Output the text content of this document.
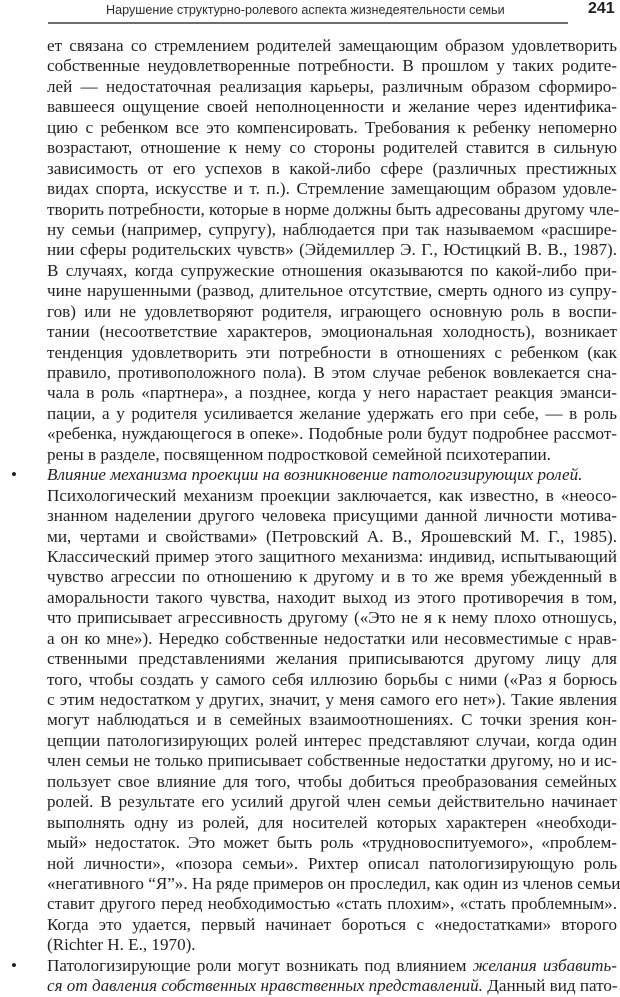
Нарушение структурно-ролевого аспекта жизнедеятельности семьи	241
ет связана со стремлением родителей замещающим образом удовлетворить
собственные неудовлетворенные потребности. В прошлом у таких родите-
лей — недостаточная реализация карьеры, различным образом сформиро-
вавшееся ощущение своей неполноценности и желание через идентифика-
цию с ребенком все это компенсировать. Требования к ребенку непомерно
возрастают, отношение к нему со стороны родителей ставится в сильную
зависимость от его успехов в какой-либо сфере (различных престижных
видах спорта, искусстве и т. п.). Стремление замещающим образом удовле-
творить потребности, которые в норме должны быть адресованы другому чле-
ну семьи (например, супругу), наблюдается при так называемом «расшире-
нии сферы родительских чувств» (Эйдемиллер Э. Г., Юстицкий В. В., 1987).
В случаях, когда супружеские отношения оказываются по какой-либо при-
чине нарушенными (развод, длительное отсутствие, смерть одного из супру-
гов) или не удовлетворяют родителя, играющего основную роль в воспи-
тании (несоответствие характеров, эмоциональная холодность), возникает
тенденция удовлетворить эти потребности в отношениях с ребенком (как
правило, противоположного пола). В этом случае ребенок вовлекается сна-
чала в роль «партнера», а позднее, когда у него нарастает реакция эманси-
пации, а у родителя усиливается желание удержать его при себе, — в роль
«ребенка, нуждающегося в опеке». Подобные роли будут подробнее рассмот-
рены в разделе, посвященном подростковой семейной психотерапии.
• Влияние механизма проекции на возникновение патологизирующих ролей.
Психологический механизм проекции заключается, как известно, в «неосо-
знанном наделении другого человека присущими данной личности мотива-
ми, чертами и свойствами» (Петровский А. В., Ярошевский М. Г., 1985).
Классический пример этого защитного механизма: индивид, испытывающий
чувство агрессии по отношению к другому и в то же время убежденный в
аморальности такого чувства, находит выход из этого противоречия в том,
что приписывает агрессивность другому («Это не я к нему плохо отношусь,
а он ко мне»). Нередко собственные недостатки или несовместимые с нрав-
ственными представлениями желания приписываются другому лицу для
того, чтобы создать у самого себя иллюзию борьбы с ними («Раз я борюсь
с этим недостатком у других, значит, у меня самого его нет»). Такие явления
могут наблюдаться и в семейных взаимоотношениях. С точки зрения кон-
цепции патологизирующих ролей интерес представляют случаи, когда один
член семьи не только приписывает собственные недостатки другому, но и ис-
пользует свое влияние для того, чтобы добиться преобразования семейных
ролей. В результате его усилий другой член семьи действительно начинает
выполнять одну из ролей, для носителей которых характерен «необходи-
мый» недостаток. Это может быть роль «трудновоспитуемого», «проблем-
ной личности», «позора семьи». Рихтер описал патологизирующую роль
«негативного “Я”». На ряде примеров он проследил, как один из членов семьи
ставит другого перед необходимостью «стать плохим», «стать проблемным».
Когда это удается, первый начинает бороться с «недостатками» второго
(Richter H. E., 1970).
• Патологизирующие роли могут возникать под влиянием желания избавить-
ся от давления собственных нравственных представлений. Данный вид пато-
